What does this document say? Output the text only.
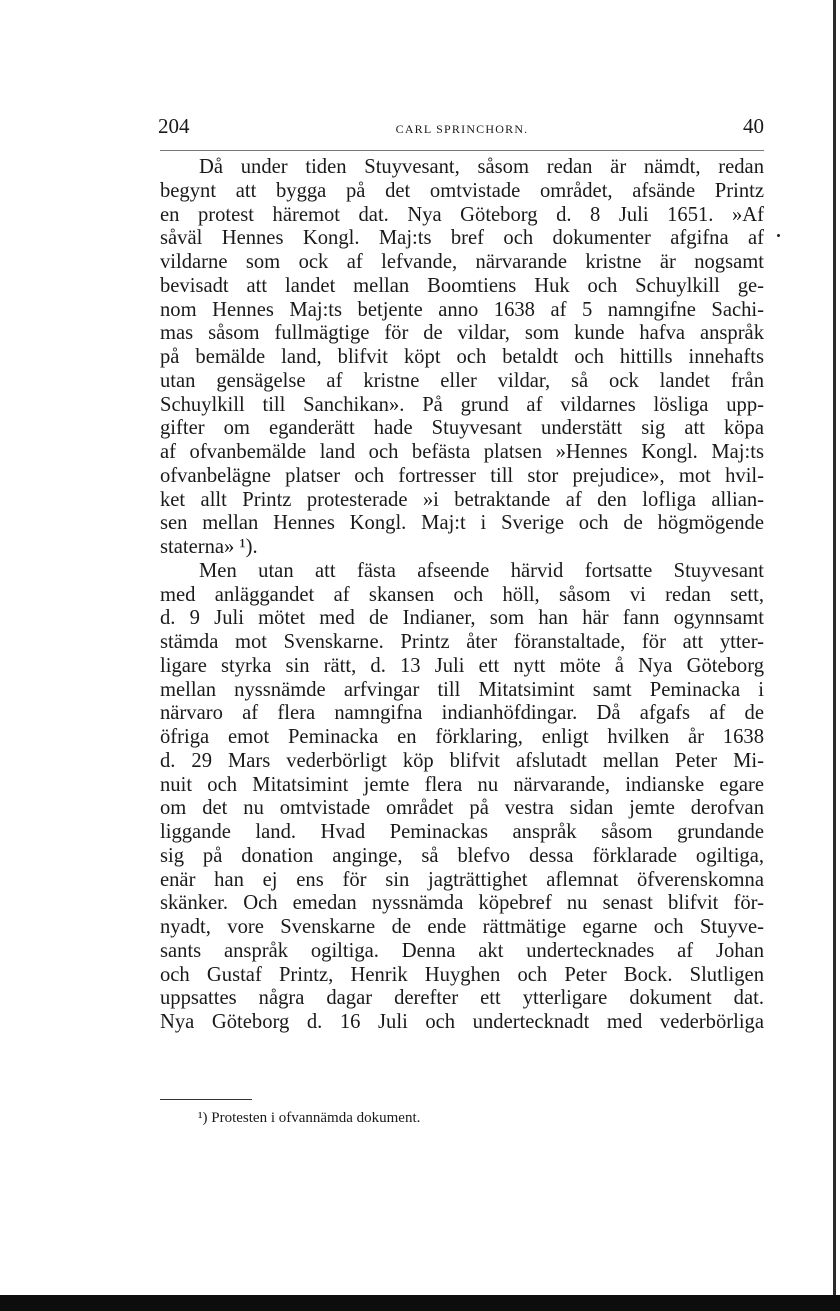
204	CARL SPRINCHORN.	40
Då under tiden Stuyvesant, såsom redan är nämdt, redan
begynt att bygga på det omtvistade området, afsände Printz
en protest häremot dat. Nya Göteborg d. 8 Juli 1651. »Af
såväl Hennes Kongl. Maj:ts bref och dokumenter afgifna af
vildarne som ock af lefvande, närvarande kristne är nogsamt
bevisadt att landet mellan Boomtiens Huk och Schuylkill ge-
nom Hennes Maj:ts betjente anno 1638 af 5 namngifne Sachi-
mas såsom fullmägtige för de vildar, som kunde hafva anspråk
på bemälde land, blifvit köpt och betaldt och hittills innehafts
utan gensägelse af kristne eller vildar, så ock landet från
Schuylkill till Sanchikan». På grund af vildarnes lösliga upp-
gifter om eganderätt hade Stuyvesant understätt sig att köpa
af ofvanbemälde land och befästa platsen »Hennes Kongl. Maj:ts
ofvanbelägne platser och fortresser till stor prejudice», mot hvil-
ket allt Printz protesterade »i betraktande af den lofliga allian-
sen mellan Hennes Kongl. Maj:t i Sverige och de högmögende
staterna» ¹).
Men utan att fästa afseende härvid fortsatte Stuyvesant
med anläggandet af skansen och höll, såsom vi redan sett,
d. 9 Juli mötet med de Indianer, som han här fann ogynnsamt
stämda mot Svenskarne. Printz åter föranstaltade, för att ytter-
ligare styrka sin rätt, d. 13 Juli ett nytt möte å Nya Göteborg
mellan nyssnämde arfvingar till Mitatsimint samt Peminacka i
närvaro af flera namngifna indianhöfdingar. Då afgafs af de
öfriga emot Peminacka en förklaring, enligt hvilken år 1638
d. 29 Mars vederbörligt köp blifvit afslutadt mellan Peter Mi-
nuit och Mitatsimint jemte flera nu närvarande, indianske egare
om det nu omtvistade området på vestra sidan jemte derofvan
liggande land. Hvad Peminackas anspråk såsom grundande
sig på donation anginge, så blefvo dessa förklarade ogiltiga,
enär han ej ens för sin jagträttighet aflemnat öfverenskomna
skänker. Och emedan nyssnämda köpebref nu senast blifvit för-
nyadt, vore Svenskarne de ende rättmätige egarne och Stuyve-
sants anspråk ogiltiga. Denna akt undertecknades af Johan
och Gustaf Printz, Henrik Huyghen och Peter Bock. Slutligen
uppsattes några dagar derefter ett ytterligare dokument dat.
Nya Göteborg d. 16 Juli och undertecknadt med vederbörliga
¹) Protesten i ofvannämda dokument.
